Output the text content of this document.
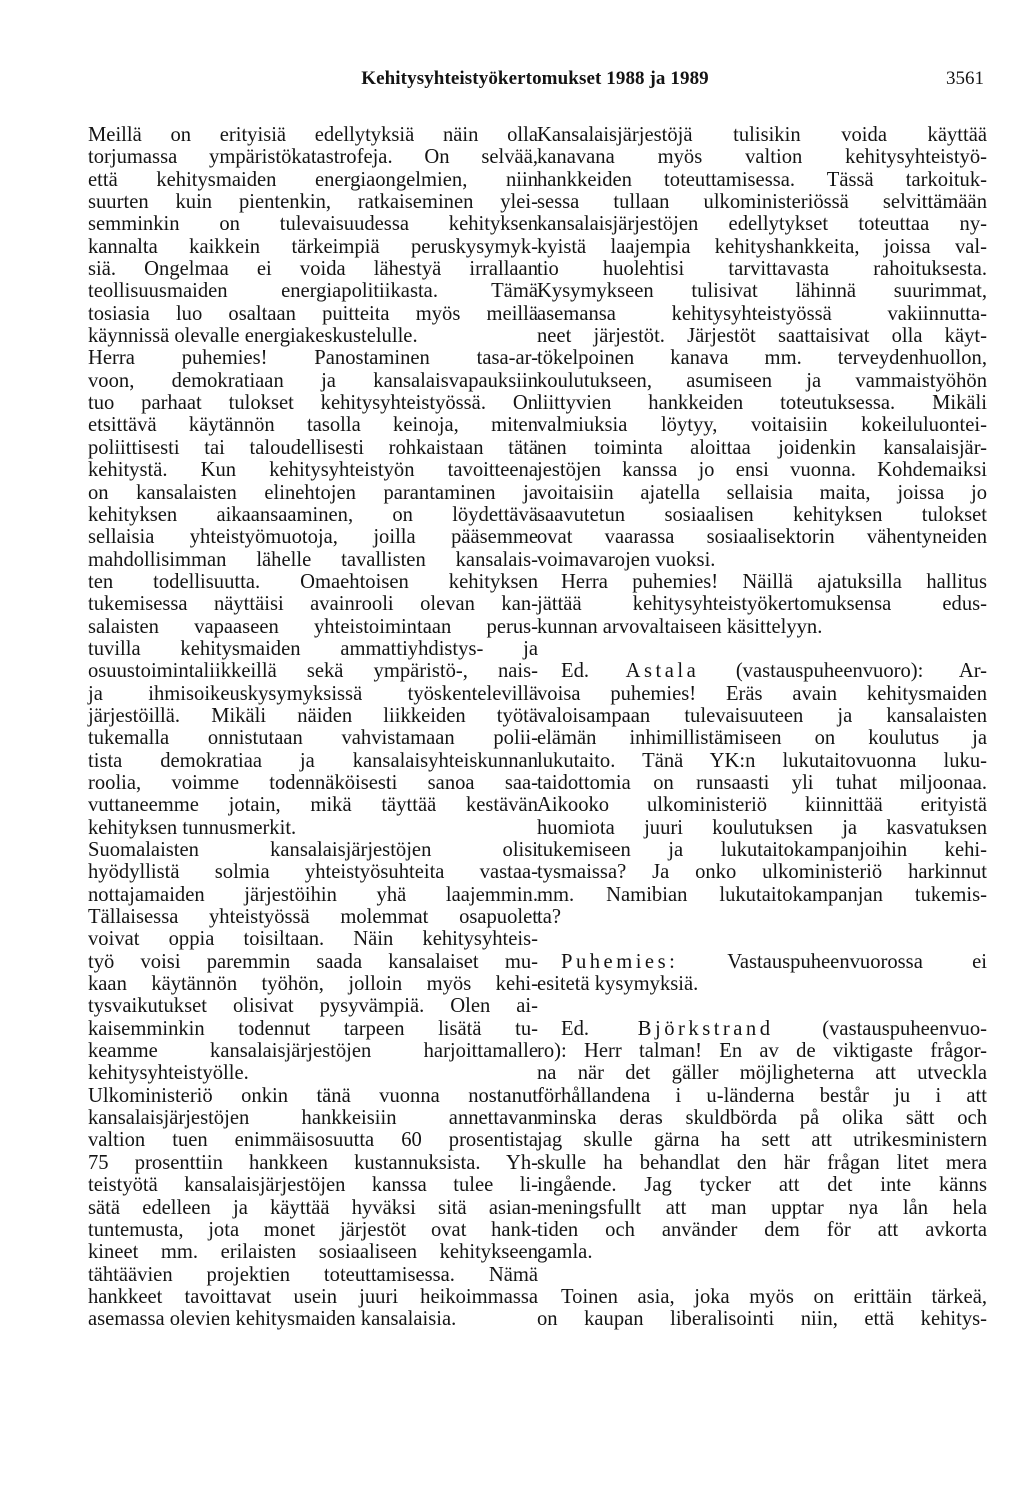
Kehitysyhteistyökertomukset 1988 ja 1989	3561
Meillä on erityisiä edellytyksiä näin olla
torjumassa ympäristökatastrofeja. On selvää,
että kehitysmaiden energiaongelmien, niin
suurten kuin pientenkin, ratkaiseminen ylei-
semminkin on tulevaisuudessa kehityksen
kannalta kaikkein tärkeimpiä peruskysymyk-
siä. Ongelmaa ei voida lähestyä irrallaan
teollisuusmaiden energiapolitiikasta. Tämä
tosiasia luo osaltaan puitteita myös meillä
käynnissä olevalle energiakeskustelulle.
Herra puhemies! Panostaminen tasa-ar-
voon, demokratiaan ja kansalaisvapauksiin
tuo parhaat tulokset kehitysyhteistyössä. On
etsittävä käytännön tasolla keinoja, miten
poliittisesti tai taloudellisesti rohkaistaan tätä
kehitystä. Kun kehitysyhteistyön tavoitteena
on kansalaisten elinehtojen parantaminen ja
kehityksen aikaansaaminen, on löydettävä
sellaisia yhteistyömuotoja, joilla pääsemme
mahdollisimman lähelle tavallisten kansalais-
ten todellisuutta. Omaehtoisen kehityksen
tukemisessa näyttäisi avainrooli olevan kan-
salaisten vapaaseen yhteistoimintaan perus-
tuvilla kehitysmaiden ammattiyhdistys- ja
osuustoimintaliikkeillä sekä ympäristö-, nais-
ja ihmisoikeuskysymyksissä työskentelevillä
järjestöillä. Mikäli näiden liikkeiden työtä
tukemalla onnistutaan vahvistamaan polii-
tista demokratiaa ja kansalaisyhteiskunnan
roolia, voimme todennäköisesti sanoa saa-
vuttaneemme jotain, mikä täyttää kestävän
kehityksen tunnusmerkit.
Suomalaisten kansalaisjärjestöjen olisi
hyödyllistä solmia yhteistyösuhteita vastaa-
nottajamaiden järjestöihin yhä laajemmin.
Tällaisessa yhteistyössä molemmat osapuolet
voivat oppia toisiltaan. Näin kehitysyhteis-
työ voisi paremmin saada kansalaiset mu-
kaan käytännön työhön, jolloin myös kehi-
tysvaikutukset olisivat pysyvämpiä. Olen ai-
kaisemminkin todennut tarpeen lisätä tu-
keamme kansalaisjärjestöjen harjoittamalle
kehitysyhteistyölle.
Ulkoministeriö onkin tänä vuonna nostanut
kansalaisjärjestöjen hankkeisiin annettavan
valtion tuen enimmäisosuutta 60 prosentista
75 prosenttiin hankkeen kustannuksista. Yh-
teistyötä kansalaisjärjestöjen kanssa tulee li-
sätä edelleen ja käyttää hyväksi sitä asian-
tuntemusta, jota monet järjestöt ovat hank-
kineet mm. erilaisten sosiaaliseen kehitykseen
tähtäävien projektien toteuttamisessa. Nämä
hankkeet tavoittavat usein juuri heikoimmassa
asemassa olevien kehitysmaiden kansalaisia.
Kansalaisjärjestöjä tulisikin voida käyttää
kanavana myös valtion kehitysyhteistyö-
hankkeiden toteuttamisessa. Tässä tarkoituk-
sessa tullaan ulkoministeriössä selvittämään
kansalaisjärjestöjen edellytykset toteuttaa ny-
kyistä laajempia kehityshankkeita, joissa val-
tio huolehtisi tarvittavasta rahoituksesta.
Kysymykseen tulisivat lähinnä suurimmat,
asemansa kehitysyhteistyössä vakiinnutta-
neet järjestöt. Järjestöt saattaisivat olla käyt-
tökelpoinen kanava mm. terveydenhuollon,
koulutukseen, asumiseen ja vammaistyöhön
liittyvien hankkeiden toteutuksessa. Mikäli
valmiuksia löytyy, voitaisiin kokeiluluontei-
nen toiminta aloittaa joidenkin kansalaisjär-
jestöjen kanssa jo ensi vuonna. Kohdemaiksi
voitaisiin ajatella sellaisia maita, joissa jo
saavutetun sosiaalisen kehityksen tulokset
ovat vaarassa sosiaalisektorin vähentyneiden
voimavarojen vuoksi.
Herra puhemies! Näillä ajatuksilla hallitus
jättää kehitysyhteistyökertomuksensa edus-
kunnan arvovaltaiseen käsittelyyn.
Ed. Astala (vastauspuheenvuoro): Ar-
voisa puhemies! Eräs avain kehitysmaiden
valoisampaan tulevaisuuteen ja kansalaisten
elämän inhimillistämiseen on koulutus ja
lukutaito. Tänä YK:n lukutaitovuonna luku-
taidottomia on runsaasti yli tuhat miljoonaa.
Aikooko ulkoministeriö kiinnittää erityistä
huomiota juuri koulutuksen ja kasvatuksen
tukemiseen ja lukutaitokampanjoihin kehi-
tysmaissa? Ja onko ulkoministeriö harkinnut
mm. Namibian lukutaitokampanjan tukemis-
ta?
Puhemies: Vastauspuheenvuorossa ei
esitetä kysymyksiä.
Ed. Björkstrand (vastauspuheenvuo-
ro): Herr talman! En av de viktigaste frågor-
na när det gäller möjligheterna att utveckla
förhållandena i u-länderna består ju i att
minska deras skuldbörda på olika sätt och
jag skulle gärna ha sett att utrikesministern
skulle ha behandlat den här frågan litet mera
ingående. Jag tycker att det inte känns
meningsfullt att man upptar nya lån hela
tiden och använder dem för att avkorta
gamla.
Toinen asia, joka myös on erittäin tärkeä,
on kaupan liberalisointi niin, että kehitys-
